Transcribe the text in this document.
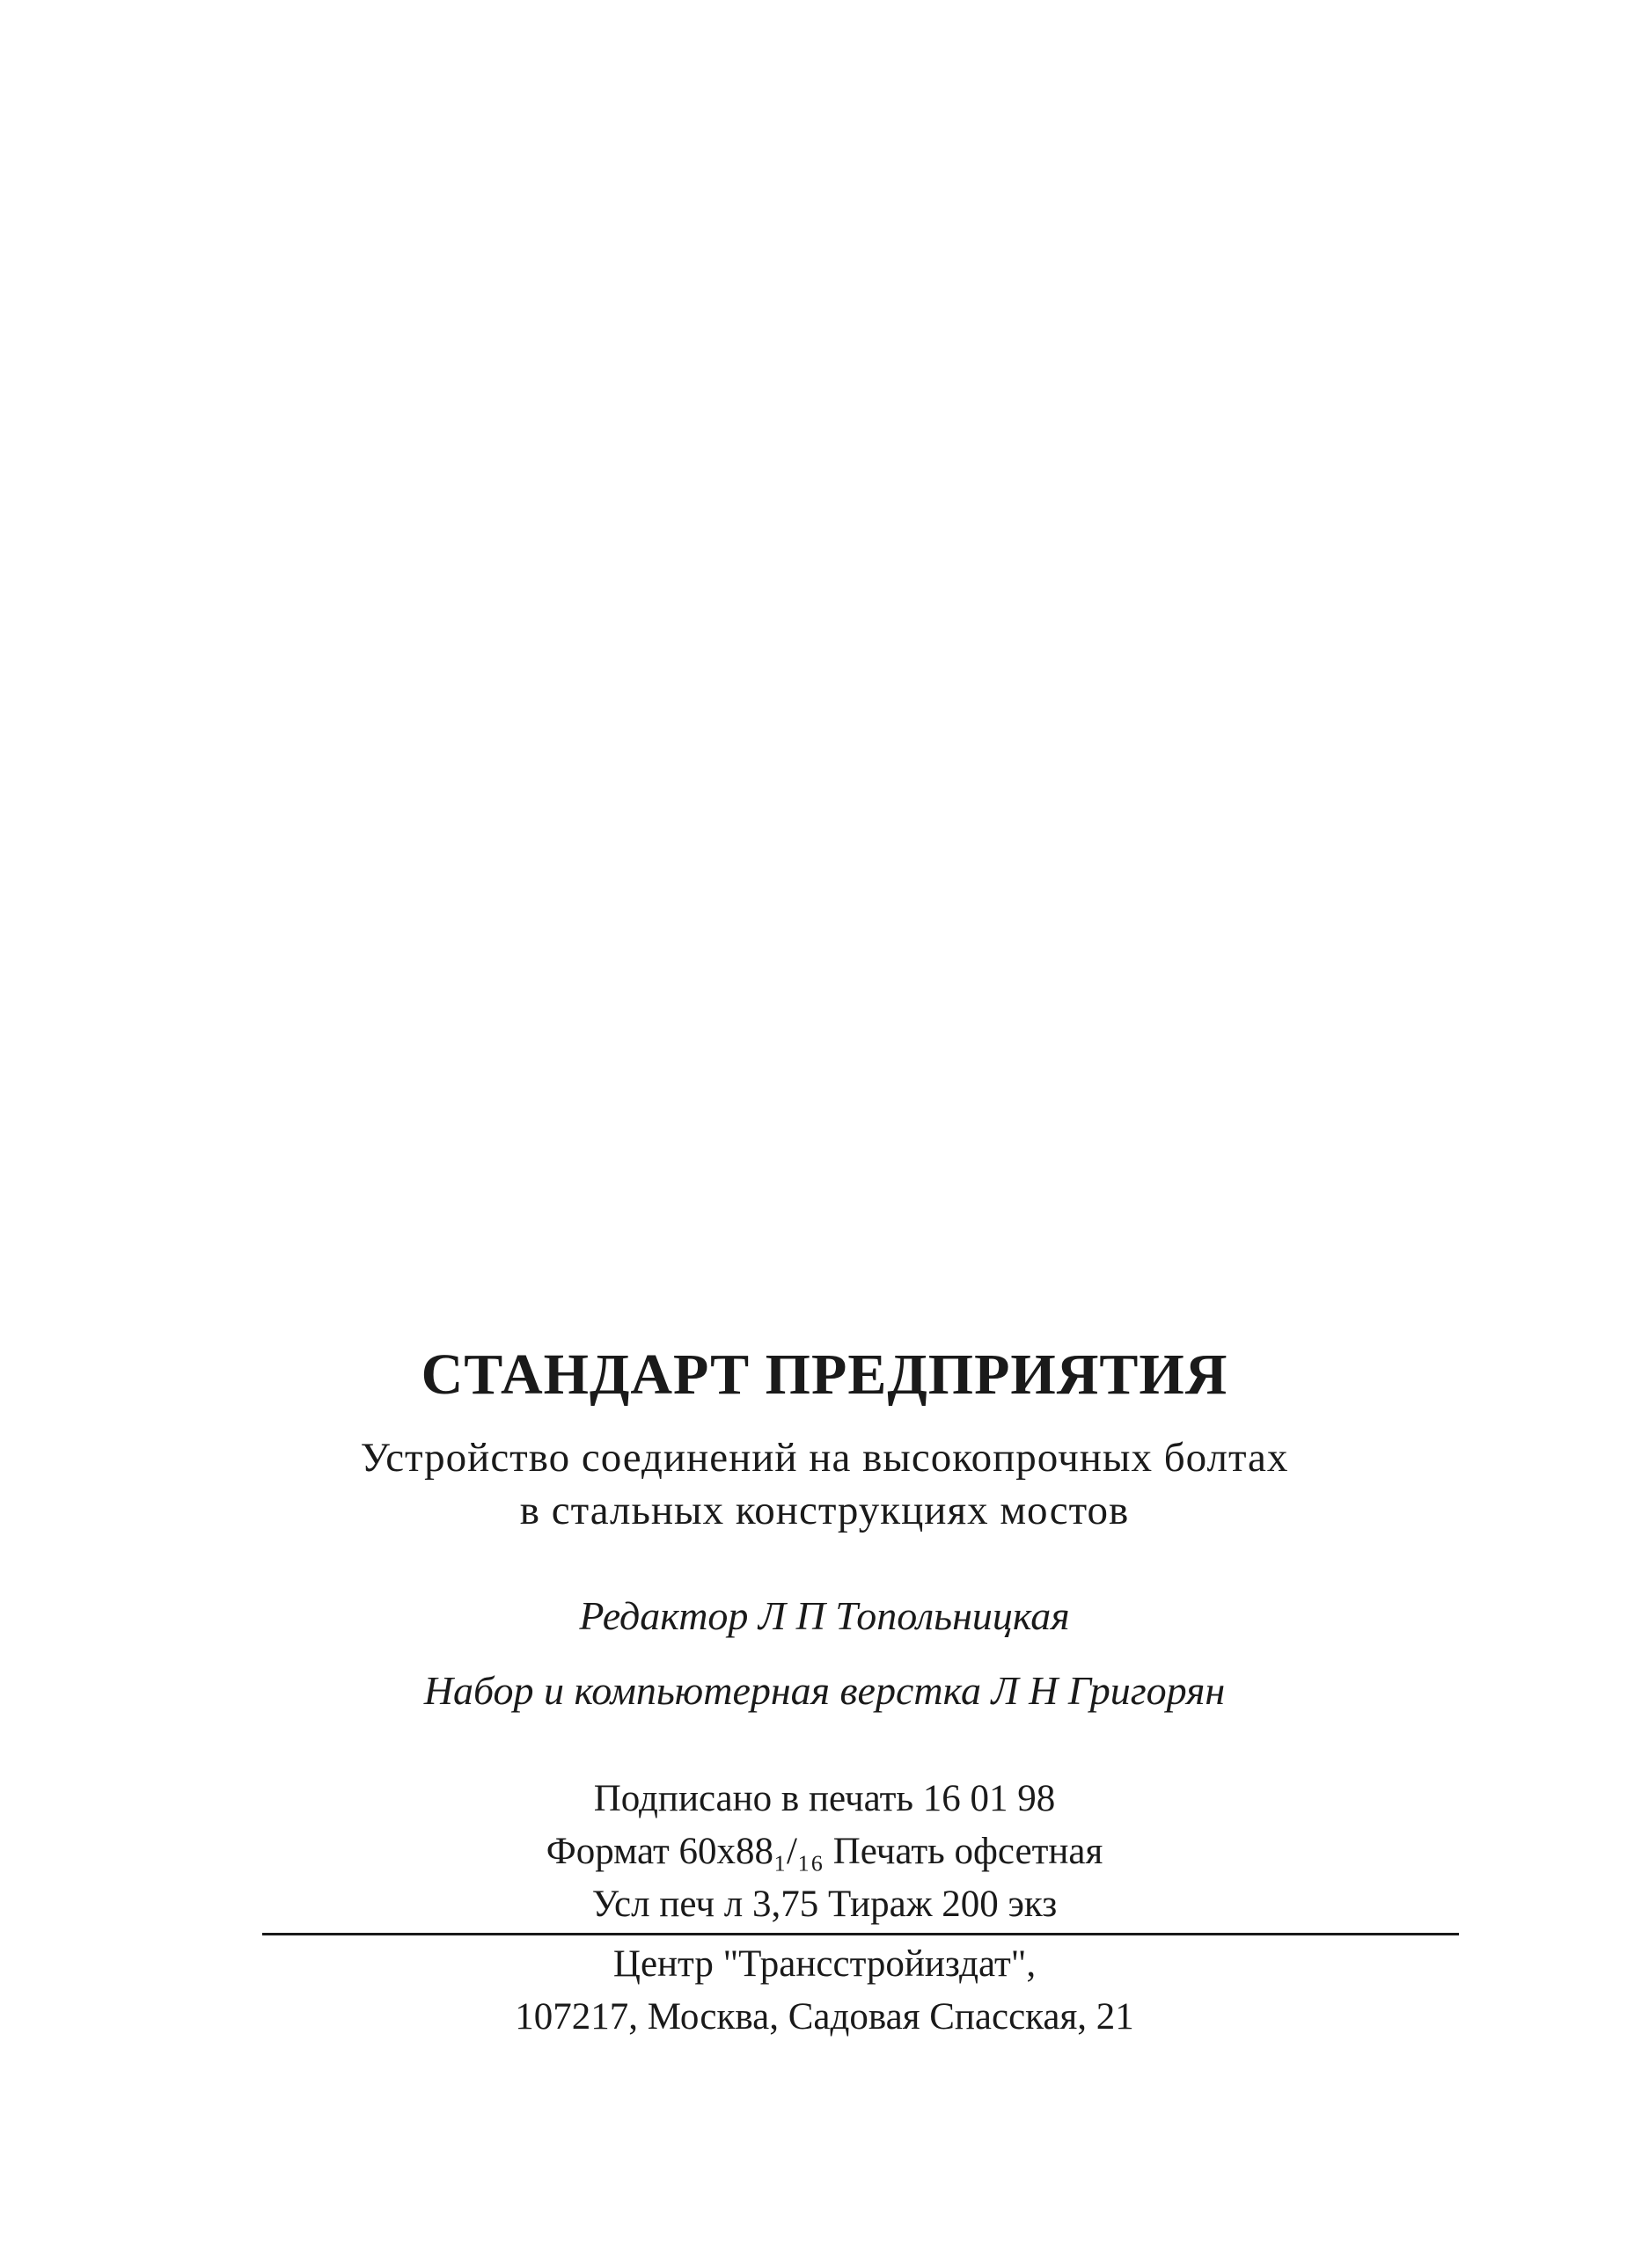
СТАНДАРТ ПРЕДПРИЯТИЯ
Устройство соединений на высокопрочных болтах
в стальных конструкциях мостов
Редактор Л П Топольницкая
Набор и компьютерная верстка Л Н Григорян
Подписано в печать 16 01 98
Формат 60х88₁/₁₆ Печать офсетная
Усл печ л 3,75 Тираж 200 экз
Центр "Трансстройиздат",
107217, Москва, Садовая Спасская, 21
